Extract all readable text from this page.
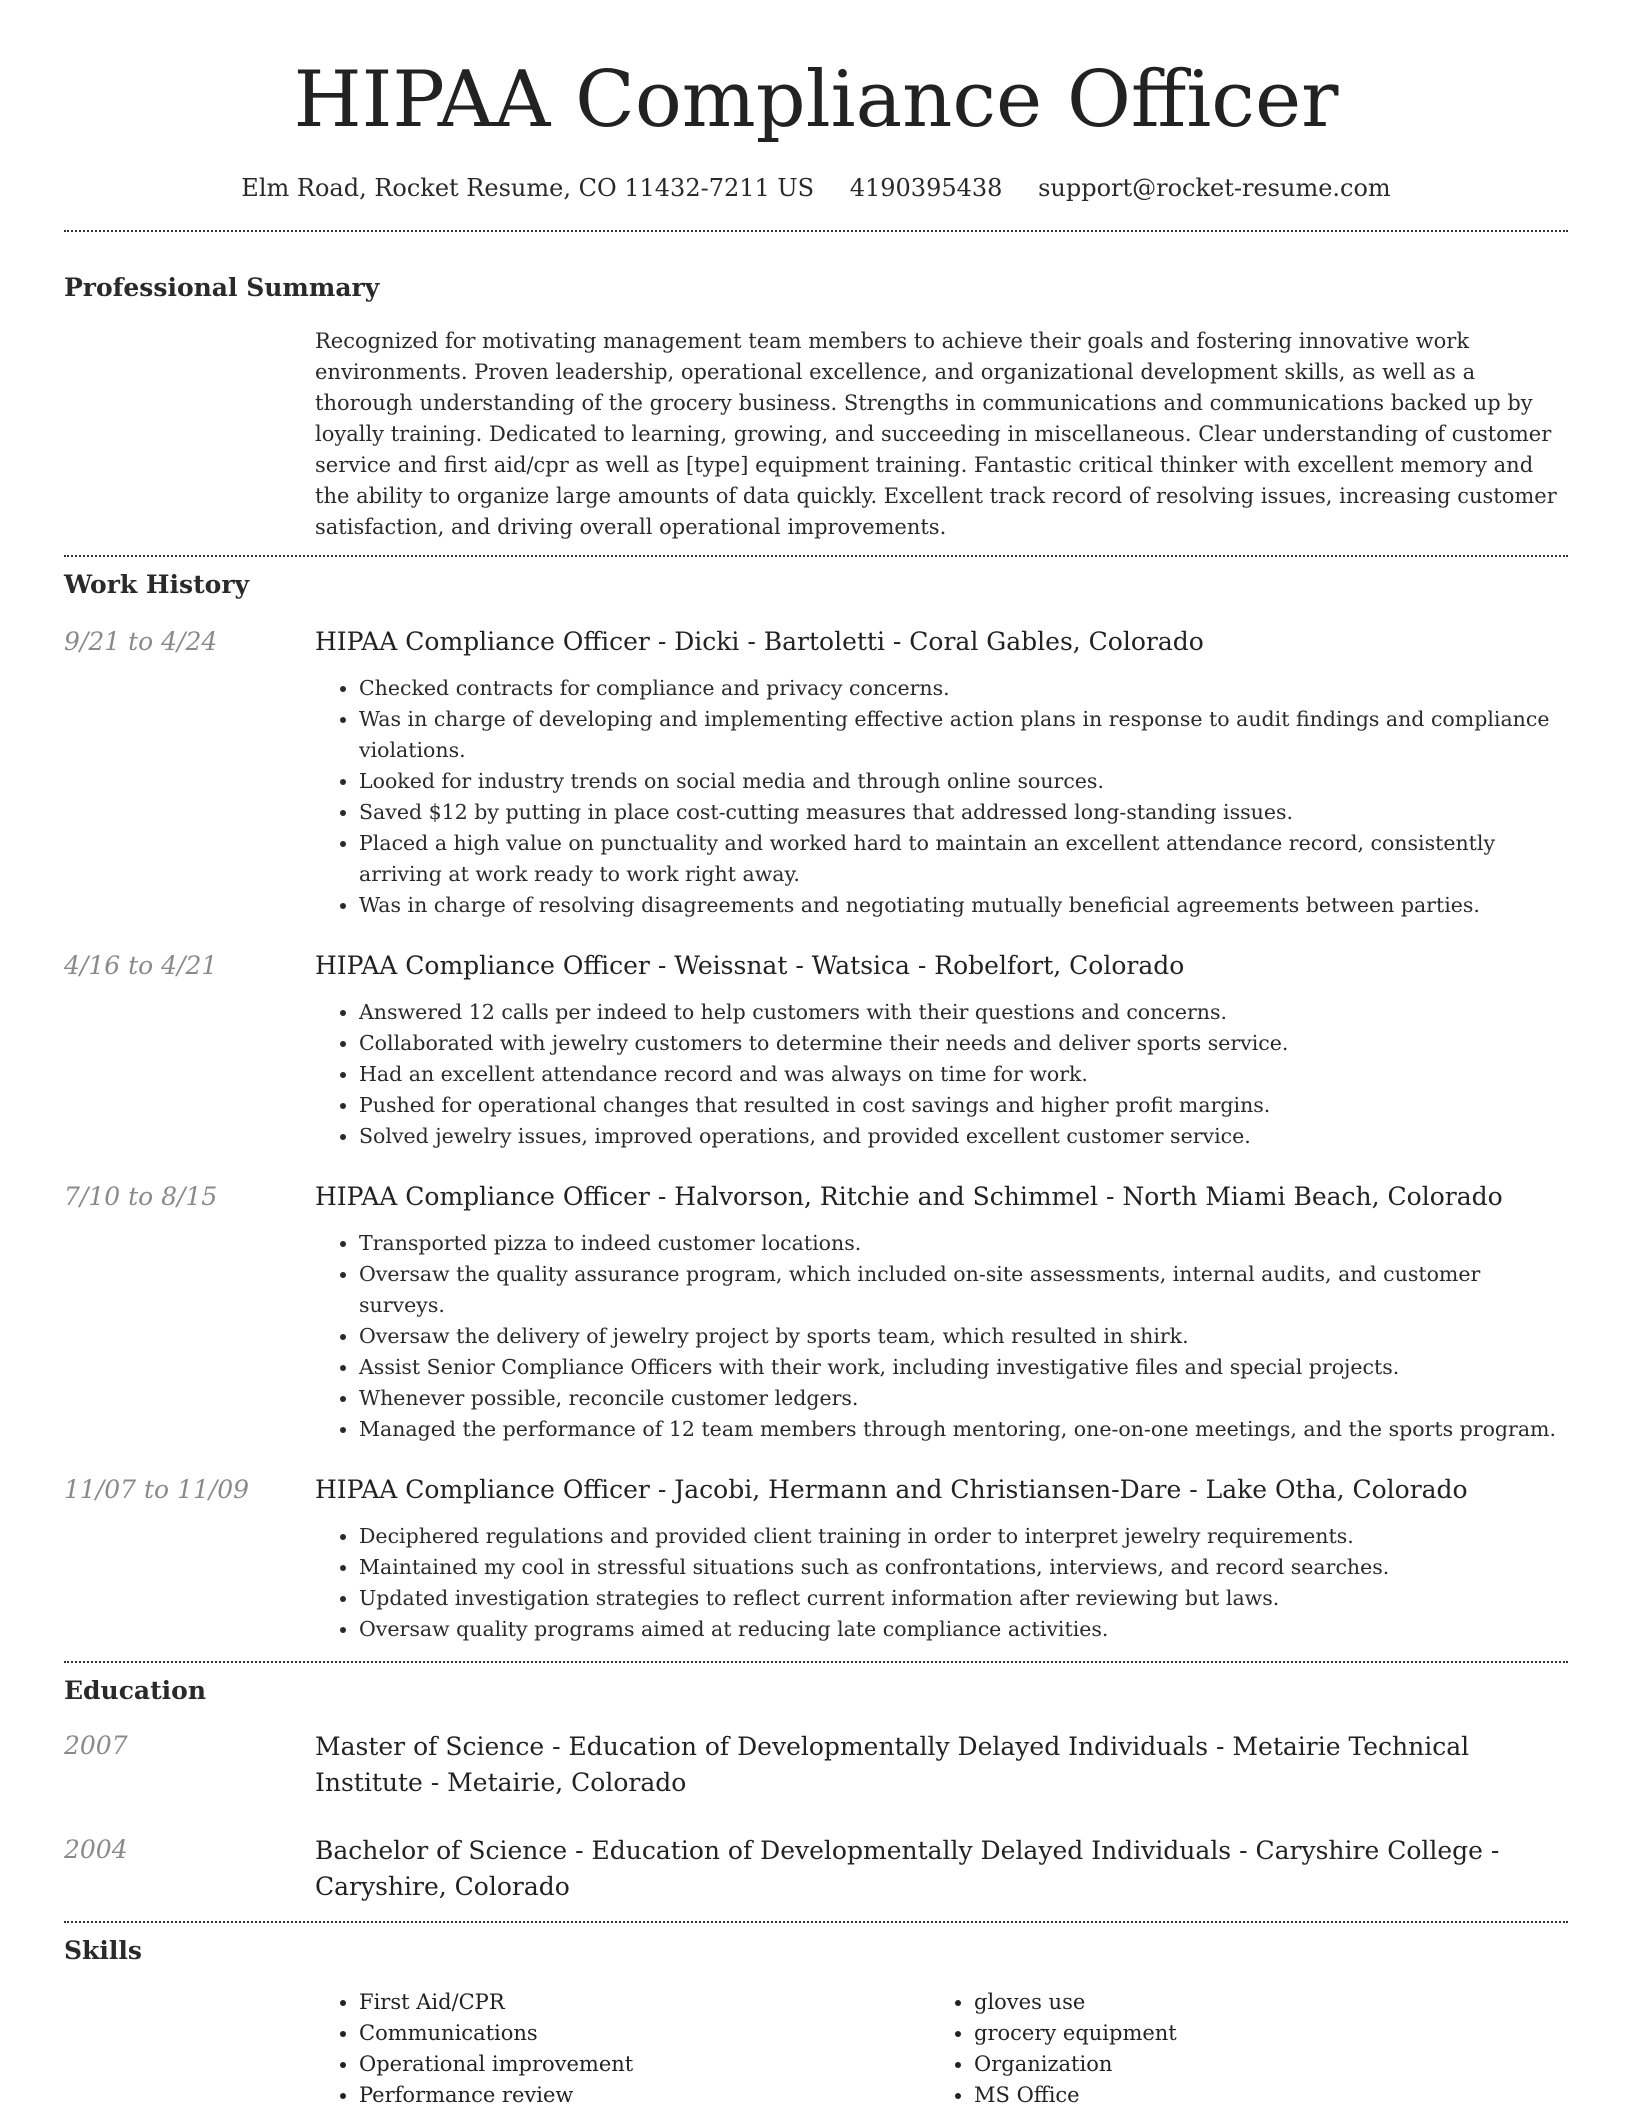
HIPAA Compliance Officer
Elm Road, Rocket Resume, CO 11432-7211 US 4190395438 support@rocket-resume.com
Professional Summary

Recognized for motivating management team members to achieve their goals and fostering innovative work environments. Proven leadership, operational excellence, and organizational development skills, as well as a thorough understanding of the grocery business. Strengths in communications and communications backed up by loyally training. Dedicated to learning, growing, and succeeding in miscellaneous. Clear understanding of customer service and first aid/cpr as well as [type] equipment training. Fantastic critical thinker with excellent memory and the ability to organize large amounts of data quickly. Excellent track record of resolving issues, increasing customer satisfaction, and driving overall operational improvements.

Work History
9/21 to 4/24	HIPAA Compliance Officer - Dicki - Bartoletti - Coral Gables, Colorado

• Checked contracts for compliance and privacy concerns.
• Was in charge of developing and implementing effective action plans in response to audit findings and compliance violations.
• Looked for industry trends on social media and through online sources.
• Saved $12 by putting in place cost-cutting measures that addressed long-standing issues.
• Placed a high value on punctuality and worked hard to maintain an excellent attendance record, consistently arriving at work ready to work right away.
• Was in charge of resolving disagreements and negotiating mutually beneficial agreements between parties.
4/16 to 4/21	HIPAA Compliance Officer - Weissnat - Watsica - Robelfort, Colorado

• Answered 12 calls per indeed to help customers with their questions and concerns.
• Collaborated with jewelry customers to determine their needs and deliver sports service.
• Had an excellent attendance record and was always on time for work.
• Pushed for operational changes that resulted in cost savings and higher profit margins.
• Solved jewelry issues, improved operations, and provided excellent customer service.
7/10 to 8/15	HIPAA Compliance Officer - Halvorson, Ritchie and Schimmel - North Miami Beach, Colorado

• Transported pizza to indeed customer locations.
• Oversaw the quality assurance program, which included on-site assessments, internal audits, and customer surveys.
• Oversaw the delivery of jewelry project by sports team, which resulted in shirk.
• Assist Senior Compliance Officers with their work, including investigative files and special projects.
• Whenever possible, reconcile customer ledgers.
• Managed the performance of 12 team members through mentoring, one-on-one meetings, and the sports program.
11/07 to 11/09	HIPAA Compliance Officer - Jacobi, Hermann and Christiansen-Dare - Lake Otha, Colorado

• Deciphered regulations and provided client training in order to interpret jewelry requirements.
• Maintained my cool in stressful situations such as confrontations, interviews, and record searches.
• Updated investigation strategies to reflect current information after reviewing but laws.
• Oversaw quality programs aimed at reducing late compliance activities.
Education
2007	Master of Science - Education of Developmentally Delayed Individuals - Metairie Technical Institute - Metairie, Colorado

2004	Bachelor of Science - Education of Developmentally Delayed Individuals - Caryshire College - Caryshire, Colorado

Skills
• First Aid/CPR
• Communications
• Operational improvement
• Performance review
• gloves use
• grocery equipment
• Organization
• MS Office
